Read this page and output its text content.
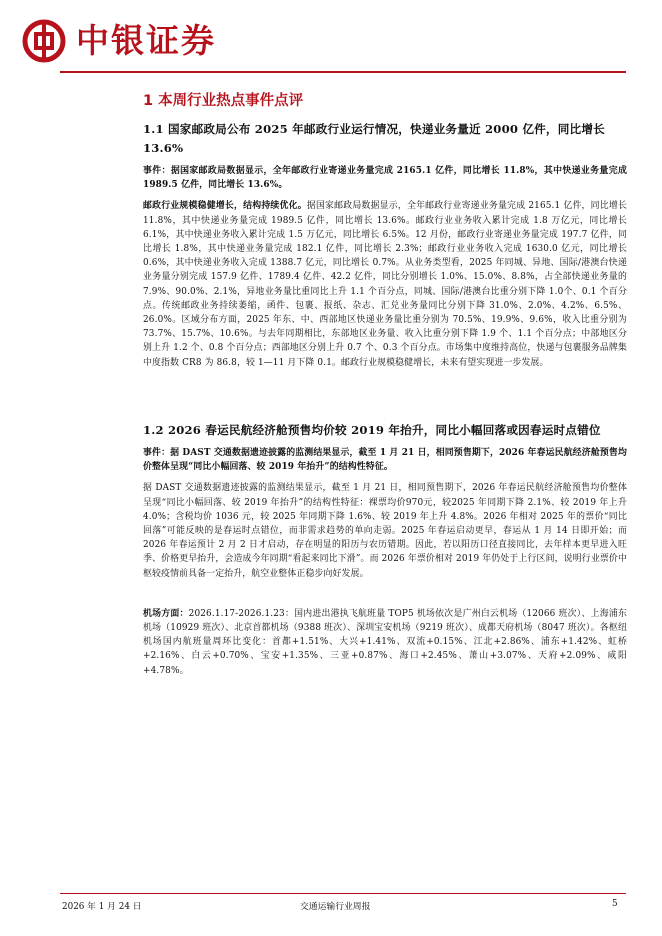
中银证券
1 本周行业热点事件点评
1.1 国家邮政局公布 2025 年邮政行业运行情况，快递业务量近 2000 亿件，同比增长 13.6%
事件：据国家邮政局数据显示，全年邮政行业寄递业务量完成 2165.1 亿件，同比增长 11.8%，其中快递业务量完成 1989.5 亿件，同比增长 13.6%。
邮政行业规模稳健增长，结构持续优化。据国家邮政局数据显示，全年邮政行业寄递业务量完成 2165.1 亿件，同比增长 11.8%，其中快递业务量完成 1989.5 亿件，同比增长 13.6%。邮政行业业务收入累计完成 1.8 万亿元，同比增长 6.1%，其中快递业务收入累计完成 1.5 万亿元，同比增长 6.5%。12 月份，邮政行业寄递业务量完成 197.7 亿件，同比增长 1.8%，其中快递业务量完成 182.1 亿件，同比增长 2.3%；邮政行业业务收入完成 1630.0 亿元，同比增长 0.6%，其中快递业务收入完成 1388.7 亿元，同比增长 0.7%。从业务类型看，2025 年同城、异地、国际/港澳台快递业务量分别完成 157.9 亿件、1789.4 亿件、42.2 亿件，同比分别增长 1.0%、15.0%、8.8%，占全部快递业务量的 7.9%、90.0%、2.1%，异地业务量比重同比上升 1.1 个百分点，同城、国际/港澳台比重分别下降 1.0个、0.1 个百分点。传统邮政业务持续萎缩，函件、包裹、报纸、杂志、汇兑业务量同比分别下降 31.0%、2.0%、4.2%、6.5%、26.0%。区域分布方面，2025 年东、中、西部地区快递业务量比重分别为 70.5%、19.9%、9.6%，收入比重分别为 73.7%、15.7%、10.6%。与去年同期相比，东部地区业务量、收入比重分别下降 1.9 个、1.1 个百分点；中部地区分别上升 1.2 个、0.8 个百分点；西部地区分别上升 0.7 个、0.3 个百分点。市场集中度维持高位，快递与包裹服务品牌集中度指数 CR8 为 86.8，较 1—11 月下降 0.1。邮政行业规模稳健增长，未来有望实现进一步发展。
1.2 2026 春运民航经济舱预售均价较 2019 年抬升，同比小幅回落或因春运时点错位
事件：据 DAST 交通数据遗迹披露的监测结果显示，截至 1 月 21 日，相同预售期下，2026 年春运民航经济舱预售均价整体呈现“同比小幅回落、较 2019 年抬升”的结构性特征。
据 DAST 交通数据遗迹披露的监测结果显示，截至 1 月 21 日，相同预售期下，2026 年春运民航经济舱预售均价整体呈现“同比小幅回落、较 2019 年抬升”的结构性特征：裸票均价970元，较2025 年同期下降 2.1%、较 2019 年上升 4.0%；含税均价 1036 元，较 2025 年同期下降 1.6%、较 2019 年上升 4.8%。2026 年相对 2025 年的票价“同比回落”可能反映的是春运时点错位，而非需求趋势的单向走弱。2025 年春运启动更早，春运从 1 月 14 日即开始；而 2026 年春运预计 2 月 2 日才启动，存在明显的阳历与农历错期。因此，若以阳历口径直接同比，去年样本更早进入旺季、价格更早抬升，会造成今年同期“看起来同比下滑”。而 2026 年票价相对 2019 年仍处于上行区间，说明行业票价中枢较疫情前具备一定抬升，航空业整体正稳步向好发展。
机场方面：2026.1.17-2026.1.23：国内进出港执飞航班量 TOP5 机场依次是广州白云机场（12066 班次）、上海浦东机场（10929 班次）、北京首都机场（9388 班次）、深圳宝安机场（9219 班次）、成都天府机场（8047 班次）。各枢纽机场国内航班量周环比变化：首都+1.51%、大兴+1.41%、双流+0.15%、江北+2.86%、浦东+1.42%、虹桥+2.16%、白云+0.70%、宝安+1.35%、三亚+0.87%、海口+2.45%、萧山+3.07%、天府+2.09%、咸阳+4.78%。
2026 年 1 月 24 日	交通运输行业周报	5
